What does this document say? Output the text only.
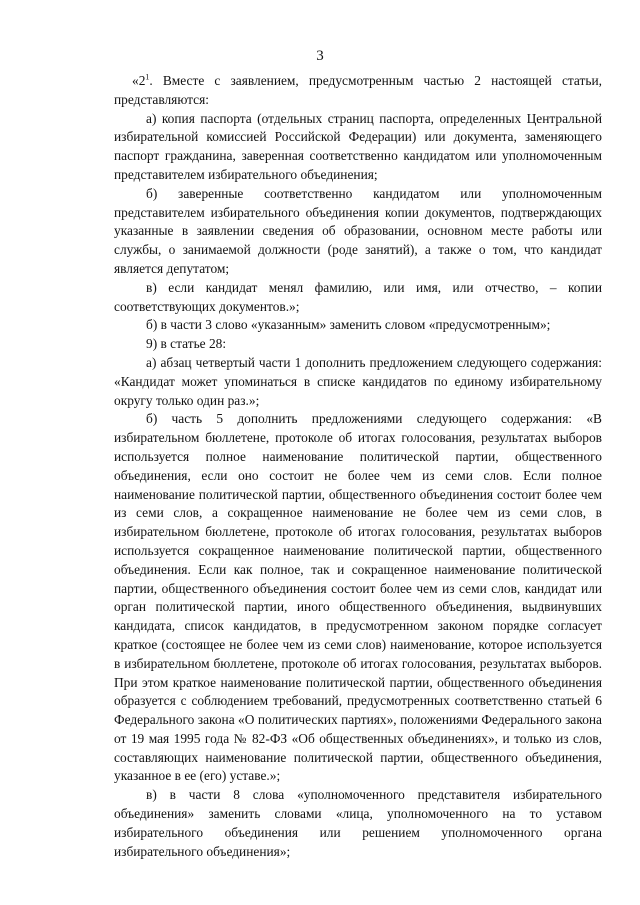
3

«$2^1$. Вместе с заявлением, предусмотренным частью 2 настоящей статьи, представляются:

а) копия паспорта (отдельных страниц паспорта, определенных Центральной избирательной комиссией Российской Федерации) или документа, заменяющего паспорт гражданина, заверенная соответственно кандидатом или уполномоченным представителем избирательного объединения;

б) заверенные соответственно кандидатом или уполномоченным представителем избирательного объединения копии документов, подтверждающих указанные в заявлении сведения об образовании, основном месте работы или службы, о занимаемой должности (роде занятий), а также о том, что кандидат является депутатом;

в) если кандидат менял фамилию, или имя, или отчество, – копии соответствующих документов.»;

б) в части 3 слово «указанным» заменить словом «предусмотренным»;

9) в статье 28:

а) абзац четвертый части 1 дополнить предложением следующего содержания: «Кандидат может упоминаться в списке кандидатов по единому избирательному округу только один раз.»;

б) часть 5 дополнить предложениями следующего содержания: «В избирательном бюллетене, протоколе об итогах голосования, результатах выборов используется полное наименование политической партии, общественного объединения, если оно состоит не более чем из семи слов. Если полное наименование политической партии, общественного объединения состоит более чем из семи слов, а сокращенное наименование не более чем из семи слов, в избирательном бюллетене, протоколе об итогах голосования, результатах выборов используется сокращенное наименование политической партии, общественного объединения. Если как полное, так и сокращенное наименование политической партии, общественного объединения состоит более чем из семи слов, кандидат или орган политической партии, иного общественного объединения, выдвинувших кандидата, список кандидатов, в предусмотренном законом порядке согласует краткое (состоящее не более чем из семи слов) наименование, которое используется в избирательном бюллетене, протоколе об итогах голосования, результатах выборов. При этом краткое наименование политической партии, общественного объединения образуется с соблюдением требований, предусмотренных соответственно статьей 6 Федерального закона «О политических партиях», положениями Федерального закона от 19 мая 1995 года № 82-ФЗ «Об общественных объединениях», и только из слов, составляющих наименование политической партии, общественного объединения, указанное в ее (его) уставе.»;

в) в части 8 слова «уполномоченного представителя избирательного объединения» заменить словами «лица, уполномоченного на то уставом избирательного объединения или решением уполномоченного органа избирательного объединения»;
